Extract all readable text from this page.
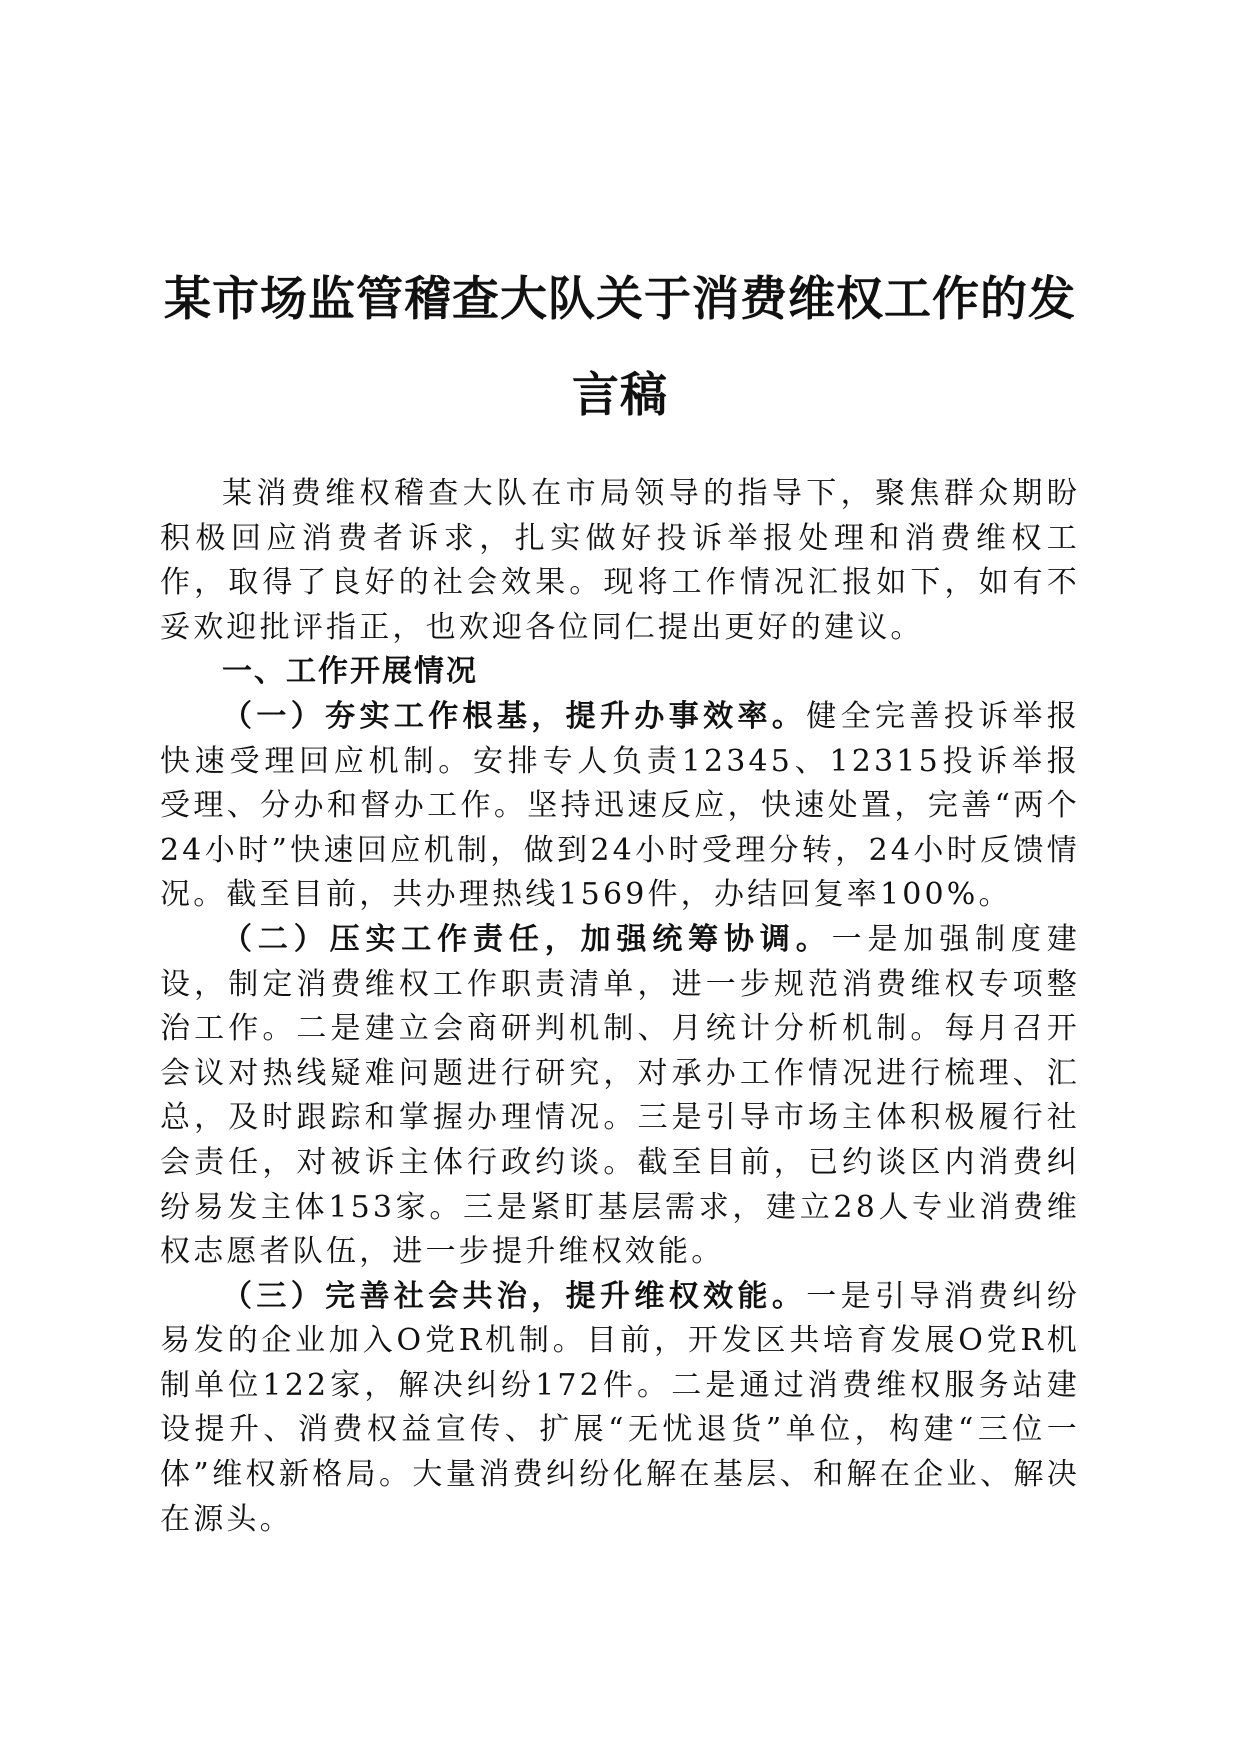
某市场监管稽查大队关于消费维权工作的发言稿

某消费维权稽查大队在市局领导的指导下，聚焦群众期盼积极回应消费者诉求，扎实做好投诉举报处理和消费维权工作，取得了良好的社会效果。现将工作情况汇报如下，如有不妥欢迎批评指正，也欢迎各位同仁提出更好的建议。

一、工作开展情况

（一）夯实工作根基，提升办事效率。健全完善投诉举报快速受理回应机制。安排专人负责12345、12315投诉举报受理、分办和督办工作。坚持迅速反应，快速处置，完善“两个24小时”快速回应机制，做到24小时受理分转，24小时反馈情况。截至目前，共办理热线1569件，办结回复率100%。

（二）压实工作责任，加强统筹协调。一是加强制度建设，制定消费维权工作职责清单，进一步规范消费维权专项整治工作。二是建立会商研判机制、月统计分析机制。每月召开会议对热线疑难问题进行研究，对承办工作情况进行梳理、汇总，及时跟踪和掌握办理情况。三是引导市场主体积极履行社会责任，对被诉主体行政约谈。截至目前，已约谈区内消费纠纷易发主体153家。三是紧盯基层需求，建立28人专业消费维权志愿者队伍，进一步提升维权效能。

（三）完善社会共治，提升维权效能。一是引导消费纠纷易发的企业加入O党R机制。目前，开发区共培育发展O党R机制单位122家，解决纠纷172件。二是通过消费维权服务站建设提升、消费权益宣传、扩展“无忧退货”单位，构建“三位一体”维权新格局。大量消费纠纷化解在基层、和解在企业、解决在源头。
